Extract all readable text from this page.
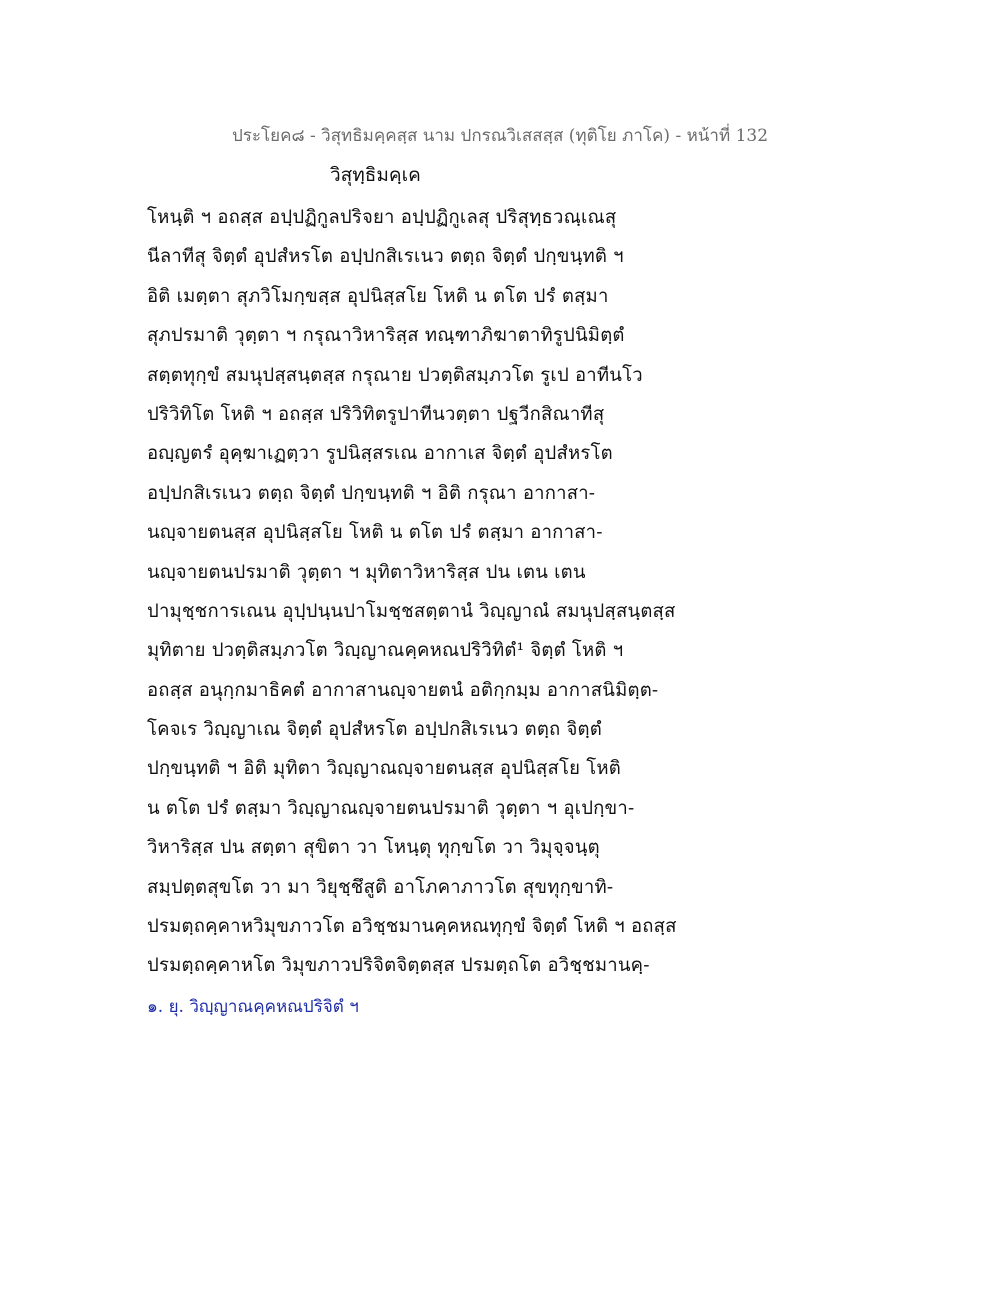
ประโยค๘ - วิสุทธิมคฺคสฺส นาม ปกรณวิเสสสฺส (ทุติโย ภาโค) - หน้าที่ 132
วิสุทฺธิมคฺเค
โหนฺติ ฯ อถสฺส อปฺปฏิกูลปริจยา อปฺปฏิกูเลสุ ปริสุทฺธวณฺเณสุ
นีลาทีสุ จิตฺตํ อุปสํหรโต อปฺปกสิเรเนว ตตฺถ จิตฺตํ ปกฺขนฺทติ ฯ
อิติ เมตฺตา สุภวิโมกฺขสฺส อุปนิสฺสโย โหติ น ตโต ปรํ ตสฺมา
สุภปรมาติ วุตฺตา ฯ กรุณาวิหาริสฺส ทณฺฑาภิฆาตาทิรูปนิมิตฺตํ
สตฺตทุกฺขํ สมนุปสฺสนฺตสฺส กรุณาย ปวตฺติสมฺภวโต รูเป อาทีนโว
ปริวิทิโต โหติ ฯ อถสฺส ปริวิทิตรูปาทีนวตฺตา ปฐวีกสิณาทีสุ
อญฺญตรํ อุคฺฆาเฏตฺวา รูปนิสฺสรเณ อากาเส จิตฺตํ อุปสํหรโต
อปฺปกสิเรเนว ตตฺถ จิตฺตํ ปกฺขนฺทติ ฯ อิติ กรุณา อากาสา-
นญฺจายตนสฺส อุปนิสฺสโย โหติ น ตโต ปรํ ตสฺมา อากาสา-
นญฺจายตนปรมาติ วุตฺตา ฯ มุทิตาวิหาริสฺส ปน เตน เตน
ปามุชฺชการเณน อุปฺปนฺนปาโมชฺชสตฺตานํ วิญฺญาณํ สมนุปสฺสนฺตสฺส
มุทิตาย ปวตฺติสมฺภวโต วิญฺญาณคฺคหณปริวิทิตํ¹ จิตฺตํ โหติ ฯ
อถสฺส อนุกฺกมาธิคตํ อากาสานญฺจายตนํ อติกฺกมฺม อากาสนิมิตฺต-
โคจเร วิญฺญาเณ จิตฺตํ อุปสํหรโต อปฺปกสิเรเนว ตตฺถ จิตฺตํ
ปกฺขนฺทติ ฯ อิติ มุทิตา วิญฺญาณญฺจายตนสฺส อุปนิสฺสโย โหติ
น ตโต ปรํ ตสฺมา วิญฺญาณญฺจายตนปรมาติ วุตฺตา ฯ อุเปกฺขา-
วิหาริสฺส ปน สตฺตา สุขิตา วา โหนฺตุ ทุกฺขโต วา วิมุจฺจนฺตุ
สมฺปตฺตสุขโต วา มา วิยุชฺชึสูติ อาโภคาภาวโต สุขทุกฺขาทิ-
ปรมตฺถคฺคาหวิมุขภาวโต อวิชฺชมานคฺคหณทุกฺขํ จิตฺตํ โหติ ฯ อถสฺส
ปรมตฺถคฺคาหโต วิมุขภาวปริจิตจิตฺตสฺส ปรมตฺถโต อวิชฺชมานคฺ-
๑. ยุ. วิญฺญาณคฺคหณปริจิตํ ฯ
